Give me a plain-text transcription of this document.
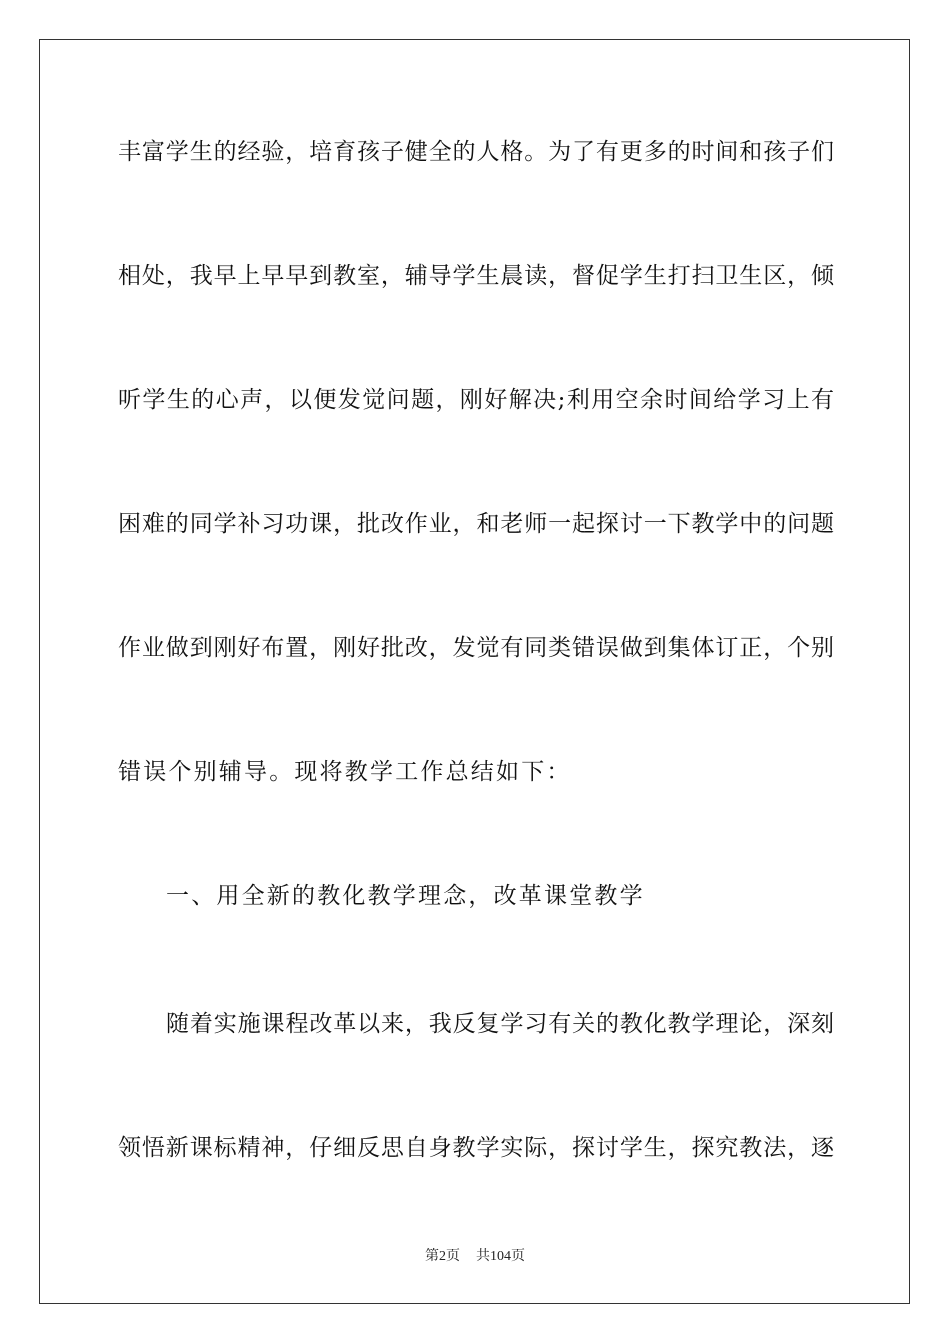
丰富学生的经验，培育孩子健全的人格。为了有更多的时间和孩子们
相处，我早上早早到教室，辅导学生晨读，督促学生打扫卫生区，倾
听学生的心声，以便发觉问题，刚好解决;利用空余时间给学习上有
困难的同学补习功课，批改作业，和老师一起探讨一下教学中的问题
作业做到刚好布置，刚好批改，发觉有同类错误做到集体订正，个别
错误个别辅导。现将教学工作总结如下：
一、用全新的教化教学理念，改革课堂教学
随着实施课程改革以来，我反复学习有关的教化教学理论，深刻
领悟新课标精神，仔细反思自身教学实际，探讨学生，探究教法，逐
第2页 共104页
